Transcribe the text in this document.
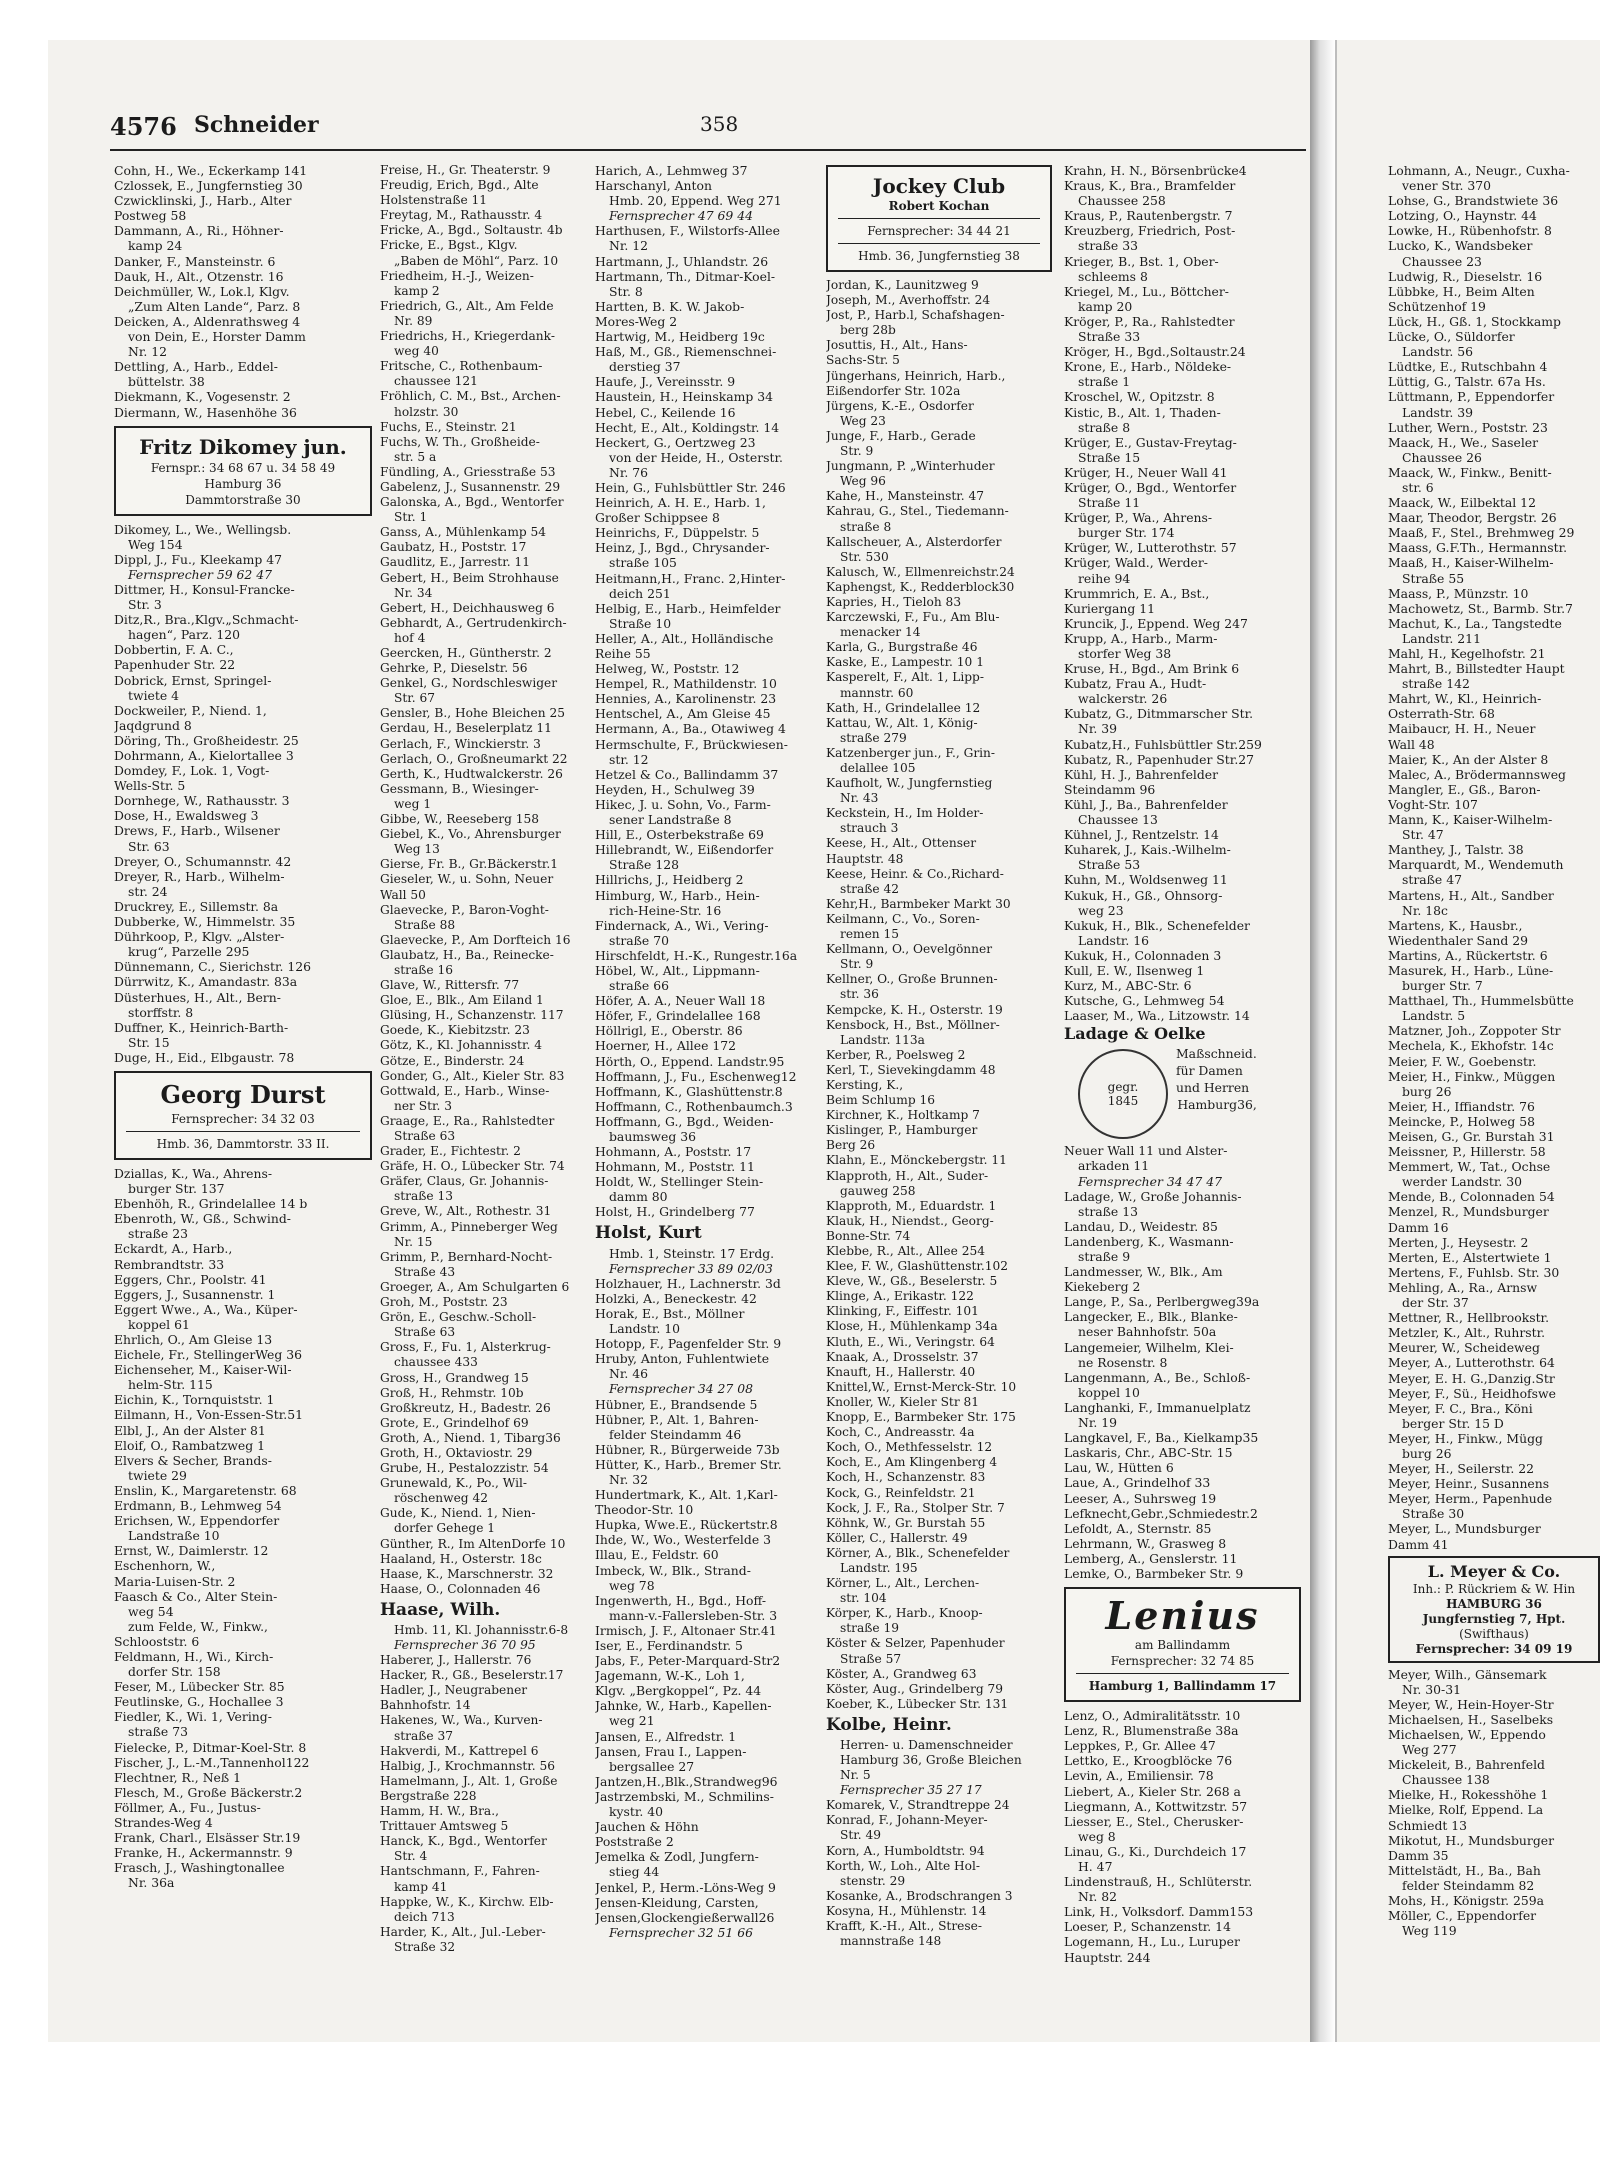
4576 Schneider	358
Cohn, H., We., Eckerkamp 141
Czlossek, E., Jungfernstieg 30
Czwicklinski, J., Harb., Alter
Postweg 58
Dammann, A., Ri., Höhner-
kamp 24
Danker, F., Mansteinstr. 6
Dauk, H., Alt., Otzenstr. 16
Deichmüller, W., Lok.l, Klgv.
„Zum Alten Lande“, Parz. 8
Deicken, A., Aldenrathsweg 4
von Dein, E., Horster Damm
Nr. 12
Dettling, A., Harb., Eddel-
büttelstr. 38
Diekmann, K., Vogesenstr. 2
Diermann, W., Hasenhöhe 36
Fritz Dikomey jun.
Fernspr.: 34 68 67 u. 34 58 49
Hamburg 36
Dammtorstraße 30
Dikomey, L., We., Wellingsb.
Weg 154
Dippl, J., Fu., Kleekamp 47
Fernsprecher 59 62 47
Dittmer, H., Konsul-Francke-
Str. 3
Ditz,R., Bra.,Klgv.„Schmacht-
hagen“, Parz. 120
Dobbertin, F. A. C.,
Papenhuder Str. 22
Dobrick, Ernst, Springel-
twiete 4
Dockweiler, P., Niend. 1,
Jaqdgrund 8
Döring, Th., Großheidestr. 25
Dohrmann, A., Kielortallee 3
Domdey, F., Lok. 1, Vogt-
Wells-Str. 5
Dornhege, W., Rathausstr. 3
Dose, H., Ewaldsweg 3
Drews, F., Harb., Wilsener
Str. 63
Dreyer, O., Schumannstr. 42
Dreyer, R., Harb., Wilhelm-
str. 24
Druckrey, E., Sillemstr. 8a
Dubberke, W., Himmelstr. 35
Dührkoop, P., Klgv. „Alster-
krug“, Parzelle 295
Dünnemann, C., Sierichstr. 126
Dürrwitz, K., Amandastr. 83a
Düsterhues, H., Alt., Bern-
storffstr. 8
Duffner, K., Heinrich-Barth-
Str. 15
Duge, H., Eid., Elbgaustr. 78
Georg Durst
Fernsprecher: 34 32 03
Hmb. 36, Dammtorstr. 33 II.
Dziallas, K., Wa., Ahrens-
burger Str. 137
Ebenhöh, R., Grindelallee 14 b
Ebenroth, W., Gß., Schwind-
straße 23
Eckardt, A., Harb.,
Rembrandtstr. 33
Eggers, Chr., Poolstr. 41
Eggers, J., Susannenstr. 1
Eggert Wwe., A., Wa., Küper-
koppel 61
Ehrlich, O., Am Gleise 13
Eichele, Fr., StellingerWeg 36
Eichenseher, M., Kaiser-Wil-
helm-Str. 115
Eichin, K., Tornquiststr. 1
Eilmann, H., Von-Essen-Str.51
Elbl, J., An der Alster 81
Eloif, O., Rambatzweg 1
Elvers & Secher, Brands-
twiete 29
Enslin, K., Margaretenstr. 68
Erdmann, B., Lehmweg 54
Erichsen, W., Eppendorfer
Landstraße 10
Ernst, W., Daimlerstr. 12
Eschenhorn, W.,
Maria-Luisen-Str. 2
Faasch & Co., Alter Stein-
weg 54
zum Felde, W., Finkw.,
Schlooststr. 6
Feldmann, H., Wi., Kirch-
dorfer Str. 158
Feser, M., Lübecker Str. 85
Feutlinske, G., Hochallee 3
Fiedler, K., Wi. 1, Vering-
straße 73
Fielecke, P., Ditmar-Koel-Str. 8
Fischer, J., L.-M.,Tannenhol122
Flechtner, R., Neß 1
Flesch, M., Große Bäckerstr.2
Föllmer, A., Fu., Justus-
Strandes-Weg 4
Frank, Charl., Elsässer Str.19
Franke, H., Ackermannstr. 9
Frasch, J., Washingtonallee
Nr. 36a
Freise, H., Gr. Theaterstr. 9
Freudig, Erich, Bgd., Alte
Holstenstraße 11
Freytag, M., Rathausstr. 4
Fricke, A., Bgd., Soltaustr. 4b
Fricke, E., Bgst., Klgv.
„Baben de Möhl“, Parz. 10
Friedheim, H.-J., Weizen-
kamp 2
Friedrich, G., Alt., Am Felde
Nr. 89
Friedrichs, H., Kriegerdank-
weg 40
Fritsche, C., Rothenbaum-
chaussee 121
Fröhlich, C. M., Bst., Archen-
holzstr. 30
Fuchs, E., Steinstr. 21
Fuchs, W. Th., Großheide-
str. 5 a
Fündling, A., Griesstraße 53
Gabelenz, J., Susannenstr. 29
Galonska, A., Bgd., Wentorfer
Str. 1
Ganss, A., Mühlenkamp 54
Gaubatz, H., Poststr. 17
Gaudlitz, E., Jarrestr. 11
Gebert, H., Beim Strohhause
Nr. 34
Gebert, H., Deichhausweg 6
Gebhardt, A., Gertrudenkirch-
hof 4
Geercken, H., Güntherstr. 2
Gehrke, P., Dieselstr. 56
Genkel, G., Nordschleswiger
Str. 67
Gensler, B., Hohe Bleichen 25
Gerdau, H., Beselerplatz 11
Gerlach, F., Winckierstr. 3
Gerlach, O., Großneumarkt 22
Gerth, K., Hudtwalckerstr. 26
Gessmann, B., Wiesinger-
weg 1
Gibbe, W., Reeseberg 158
Giebel, K., Vo., Ahrensburger
Weg 13
Gierse, Fr. B., Gr.Bäckerstr.1
Gieseler, W., u. Sohn, Neuer
Wall 50
Glaevecke, P., Baron-Voght-
Straße 88
Glaevecke, P., Am Dorfteich 16
Glaubatz, H., Ba., Reinecke-
straße 16
Glave, W., Rittersfr. 77
Gloe, E., Blk., Am Eiland 1
Glüsing, H., Schanzenstr. 117
Goede, K., Kiebitzstr. 23
Götz, K., Kl. Johannisstr. 4
Götze, E., Binderstr. 24
Gonder, G., Alt., Kieler Str. 83
Gottwald, E., Harb., Winse-
ner Str. 3
Graage, E., Ra., Rahlstedter
Straße 63
Grader, E., Fichtestr. 2
Gräfe, H. O., Lübecker Str. 74
Gräfer, Claus, Gr. Johannis-
straße 13
Greve, W., Alt., Rothestr. 31
Grimm, A., Pinneberger Weg
Nr. 15
Grimm, P., Bernhard-Nocht-
Straße 43
Groeger, A., Am Schulgarten 6
Groh, M., Poststr. 23
Grön, E., Geschw.-Scholl-
Straße 63
Gross, F., Fu. 1, Alsterkrug-
chaussee 433
Gross, H., Grandweg 15
Groß, H., Rehmstr. 10b
Großkreutz, H., Badestr. 26
Grote, E., Grindelhof 69
Groth, A., Niend. 1, Tibarg36
Groth, H., Oktaviostr. 29
Grube, H., Pestalozzistr. 54
Grunewald, K., Po., Wil-
röschenweg 42
Gude, K., Niend. 1, Nien-
dorfer Gehege 1
Günther, R., Im AltenDorfe 10
Haaland, H., Osterstr. 18c
Haase, K., Marschnerstr. 32
Haase, O., Colonnaden 46
Haase, Wilh.
Hmb. 11, Kl. Johannisstr.6-8
Fernsprecher 36 70 95
Haberer, J., Hallerstr. 76
Hacker, R., Gß., Beselerstr.17
Hadler, J., Neugrabener
Bahnhofstr. 14
Hakenes, W., Wa., Kurven-
straße 37
Hakverdi, M., Kattrepel 6
Halbig, J., Krochmannstr. 56
Hamelmann, J., Alt. 1, Große
Bergstraße 228
Hamm, H. W., Bra.,
Trittauer Amtsweg 5
Hanck, K., Bgd., Wentorfer
Str. 4
Hantschmann, F., Fahren-
kamp 41
Happke, W., K., Kirchw. Elb-
deich 713
Harder, K., Alt., Jul.-Leber-
Straße 32
Harich, A., Lehmweg 37
Harschanyl, Anton
Hmb. 20, Eppend. Weg 271
Fernsprecher 47 69 44
Harthusen, F., Wilstorfs-Allee
Nr. 12
Hartmann, J., Uhlandstr. 26
Hartmann, Th., Ditmar-Koel-
Str. 8
Hartten, B. K. W. Jakob-
Mores-Weg 2
Hartwig, M., Heidberg 19c
Haß, M., Gß., Riemenschnei-
derstieg 37
Haufe, J., Vereinsstr. 9
Haustein, H., Heinskamp 34
Hebel, C., Keilende 16
Hecht, E., Alt., Koldingstr. 14
Heckert, G., Oertzweg 23
von der Heide, H., Osterstr.
Nr. 76
Hein, G., Fuhlsbüttler Str. 246
Heinrich, A. H. E., Harb. 1,
Großer Schippsee 8
Heinrichs, F., Düppelstr. 5
Heinz, J., Bgd., Chrysander-
straße 105
Heitmann,H., Franc. 2,Hinter-
deich 251
Helbig, E., Harb., Heimfelder
Straße 10
Heller, A., Alt., Holländische
Reihe 55
Helweg, W., Poststr. 12
Hempel, R., Mathildenstr. 10
Hennies, A., Karolinenstr. 23
Hentschel, A., Am Gleise 45
Hermann, A., Ba., Otawiweg 4
Hermschulte, F., Brückwiesen-
str. 12
Hetzel & Co., Ballindamm 37
Heyden, H., Schulweg 39
Hikec, J. u. Sohn, Vo., Farm-
sener Landstraße 8
Hill, E., Osterbekstraße 69
Hillebrandt, W., Eißendorfer
Straße 128
Hillrichs, J., Heidberg 2
Himburg, W., Harb., Hein-
rich-Heine-Str. 16
Findernack, A., Wi., Vering-
straße 70
Hirschfeldt, H.-K., Rungestr.16a
Höbel, W., Alt., Lippmann-
straße 66
Höfer, A. A., Neuer Wall 18
Höfer, F., Grindelallee 168
Höllrigl, E., Oberstr. 86
Hoerner, H., Allee 172
Hörth, O., Eppend. Landstr.95
Hoffmann, J., Fu., Eschenweg12
Hoffmann, K., Glashüttenstr.8
Hoffmann, C., Rothenbaumch.3
Hoffmann, G., Bgd., Weiden-
baumsweg 36
Hohmann, A., Poststr. 17
Hohmann, M., Poststr. 11
Holdt, W., Stellinger Stein-
damm 80
Holst, H., Grindelberg 77
Holst, Kurt
Hmb. 1, Steinstr. 17 Erdg.
Fernsprecher 33 89 02/03
Holzhauer, H., Lachnerstr. 3d
Holzki, A., Beneckestr. 42
Horak, E., Bst., Möllner
Landstr. 10
Hotopp, F., Pagenfelder Str. 9
Hruby, Anton, Fuhlentwiete
Nr. 46
Fernsprecher 34 27 08
Hübner, E., Brandsende 5
Hübner, P., Alt. 1, Bahren-
felder Steindamm 46
Hübner, R., Bürgerweide 73b
Hütter, K., Harb., Bremer Str.
Nr. 32
Hundertmark, K., Alt. 1,Karl-
Theodor-Str. 10
Hupka, Wwe.E., Rückertstr.8
Ihde, W., Wo., Westerfelde 3
Illau, E., Feldstr. 60
Imbeck, W., Blk., Strand-
weg 78
Ingenwerth, H., Bgd., Hoff-
mann-v.-Fallersleben-Str. 3
Irmisch, J. F., Altonaer Str.41
Iser, E., Ferdinandstr. 5
Jabs, F., Peter-Marquard-Str2
Jagemann, W.-K., Loh 1,
Klgv. „Bergkoppel“, Pz. 44
Jahnke, W., Harb., Kapellen-
weg 21
Jansen, E., Alfredstr. 1
Jansen, Frau I., Lappen-
bergsallee 27
Jantzen,H.,Blk.,Strandweg96
Jastrzembski, M., Schmilins-
kystr. 40
Jauchen & Höhn
Poststraße 2
Jemelka & Zodl, Jungfern-
stieg 44
Jenkel, P., Herm.-Löns-Weg 9
Jensen-Kleidung, Carsten,
Jensen,Glockengießerwall26
Fernsprecher 32 51 66
Jockey Club
Robert Kochan
Fernsprecher: 34 44 21
Hmb. 36, Jungfernstieg 38
Jordan, K., Launitzweg 9
Joseph, M., Averhoffstr. 24
Jost, P., Harb.l, Schafshagen-
berg 28b
Josuttis, H., Alt., Hans-
Sachs-Str. 5
Jüngerhans, Heinrich, Harb.,
Eißendorfer Str. 102a
Jürgens, K.-E., Osdorfer
Weg 23
Junge, F., Harb., Gerade
Str. 9
Jungmann, P. „Winterhuder
Weg 96
Kahe, H., Mansteinstr. 47
Kahrau, G., Stel., Tiedemann-
straße 8
Kallscheuer, A., Alsterdorfer
Str. 530
Kalusch, W., Ellmenreichstr.24
Kaphengst, K., Redderblock30
Kapries, H., Tieloh 83
Karczewski, F., Fu., Am Blu-
menacker 14
Karla, G., Burgstraße 46
Kaske, E., Lampestr. 10 1
Kasperelt, F., Alt. 1, Lipp-
mannstr. 60
Kath, H., Grindelallee 12
Kattau, W., Alt. 1, König-
straße 279
Katzenberger jun., F., Grin-
delallee 105
Kaufholt, W., Jungfernstieg
Nr. 43
Keckstein, H., Im Holder-
strauch 3
Keese, H., Alt., Ottenser
Hauptstr. 48
Keese, Heinr. & Co.,Richard-
straße 42
Kehr,H., Barmbeker Markt 30
Keilmann, C., Vo., Soren-
remen 15
Kellmann, O., Oevelgönner
Str. 9
Kellner, O., Große Brunnen-
str. 36
Kempcke, K. H., Osterstr. 19
Kensbock, H., Bst., Möllner-
Landstr. 113a
Kerber, R., Poelsweg 2
Kerl, T., Sievekingdamm 48
Kersting, K.,
Beim Schlump 16
Kirchner, K., Holtkamp 7
Kislinger, P., Hamburger
Berg 26
Klahn, E., Mönckebergstr. 11
Klapproth, H., Alt., Suder-
gauweg 258
Klapproth, M., Eduardstr. 1
Klauk, H., Niendst., Georg-
Bonne-Str. 74
Klebbe, R., Alt., Allee 254
Klee, F. W., Glashüttenstr.102
Kleve, W., Gß., Beselerstr. 5
Klinge, A., Erikastr. 122
Klinking, F., Eiffestr. 101
Klose, H., Mühlenkamp 34a
Kluth, E., Wi., Veringstr. 64
Knaak, A., Drosselstr. 37
Knauft, H., Hallerstr. 40
Knittel,W., Ernst-Merck-Str. 10
Knoller, W., Kieler Str 81
Knopp, E., Barmbeker Str. 175
Koch, C., Andreasstr. 4a
Koch, O., Methfesselstr. 12
Koch, E., Am Klingenberg 4
Koch, H., Schanzenstr. 83
Kock, G., Reinfeldstr. 21
Kock, J. F., Ra., Stolper Str. 7
Köhnk, W., Gr. Burstah 55
Köller, C., Hallerstr. 49
Körner, A., Blk., Schenefelder
Landstr. 195
Körner, L., Alt., Lerchen-
str. 104
Körper, K., Harb., Knoop-
straße 19
Köster & Selzer, Papenhuder
Straße 57
Köster, A., Grandweg 63
Köster, Aug., Grindelberg 79
Koeber, K., Lübecker Str. 131
Kolbe, Heinr.
Herren- u. Damenschneider
Hamburg 36, Große Bleichen
Nr. 5
Fernsprecher 35 27 17
Komarek, V., Strandtreppe 24
Konrad, F., Johann-Meyer-
Str. 49
Korn, A., Humboldtstr. 94
Korth, W., Loh., Alte Hol-
stenstr. 29
Kosanke, A., Brodschrangen 3
Kosyna, H., Mühlenstr. 14
Krafft, K.-H., Alt., Strese-
mannstraße 148
Krahn, H. N., Börsenbrücke4
Kraus, K., Bra., Bramfelder
Chaussee 258
Kraus, P., Rautenbergstr. 7
Kreuzberg, Friedrich, Post-
straße 33
Krieger, B., Bst. 1, Ober-
schleems 8
Kriegel, M., Lu., Böttcher-
kamp 20
Kröger, P., Ra., Rahlstedter
Straße 33
Kröger, H., Bgd.,Soltaustr.24
Krone, E., Harb., Nöldeke-
straße 1
Kroschel, W., Opitzstr. 8
Kistic, B., Alt. 1, Thaden-
straße 8
Krüger, E., Gustav-Freytag-
Straße 15
Krüger, H., Neuer Wall 41
Krüger, O., Bgd., Wentorfer
Straße 11
Krüger, P., Wa., Ahrens-
burger Str. 174
Krüger, W., Lutterothstr. 57
Krüger, Wald., Werder-
reihe 94
Krummrich, E. A., Bst.,
Kuriergang 11
Kruncik, J., Eppend. Weg 247
Krupp, A., Harb., Marm-
storfer Weg 38
Kruse, H., Bgd., Am Brink 6
Kubatz, Frau A., Hudt-
walckerstr. 26
Kubatz, G., Ditmmarscher Str.
Nr. 39
Kubatz,H., Fuhlsbüttler Str.259
Kubatz, R., Papenhuder Str.27
Kühl, H. J., Bahrenfelder
Steindamm 96
Kühl, J., Ba., Bahrenfelder
Chaussee 13
Kühnel, J., Rentzelstr. 14
Kuharek, J., Kais.-Wilhelm-
Straße 53
Kuhn, M., Woldsenweg 11
Kukuk, H., Gß., Ohnsorg-
weg 23
Kukuk, H., Blk., Schenefelder
Landstr. 16
Kukuk, H., Colonnaden 3
Kull, E. W., Ilsenweg 1
Kurz, M., ABC-Str. 6
Kutsche, G., Lehmweg 54
Laaser, M., Wa., Litzowstr. 14
Ladage & Oelke
gegr.
1845
Maßschneid.
für Damen
und Herren
Hamburg36,
Neuer Wall 11 und Alster-
arkaden 11
Fernsprecher 34 47 47
Ladage, W., Große Johannis-
straße 13
Landau, D., Weidestr. 85
Landenberg, K., Wasmann-
straße 9
Landmesser, W., Blk., Am
Kiekeberg 2
Lange, P., Sa., Perlbergweg39a
Langecker, E., Blk., Blanke-
neser Bahnhofstr. 50a
Langemeier, Wilhelm, Klei-
ne Rosenstr. 8
Langenmann, A., Be., Schloß-
koppel 10
Langhanki, F., Immanuelplatz
Nr. 19
Langkavel, F., Ba., Kielkamp35
Laskaris, Chr., ABC-Str. 15
Lau, W., Hütten 6
Laue, A., Grindelhof 33
Leeser, A., Suhrsweg 19
Lefknecht,Gebr.,Schmiedestr.2
Lefoldt, A., Sternstr. 85
Lehrmann, W., Grasweg 8
Lemberg, A., Genslerstr. 11
Lemke, O., Barmbeker Str. 9
Lenius
am Ballindamm
Fernsprecher: 32 74 85
Hamburg 1, Ballindamm 17
Lenz, O., Admiralitätsstr. 10
Lenz, R., Blumenstraße 38a
Leppkes, P., Gr. Allee 47
Lettko, E., Kroogblöcke 76
Levin, A., Emiliensir. 78
Liebert, A., Kieler Str. 268 a
Liegmann, A., Kottwitzstr. 57
Liesser, E., Stel., Cherusker-
weg 8
Linau, G., Ki., Durchdeich 17
H. 47
Lindenstrauß, H., Schlüterstr.
Nr. 82
Link, H., Volksdorf. Damm153
Loeser, P., Schanzenstr. 14
Logemann, H., Lu., Luruper
Hauptstr. 244
Lohmann, A., Neugr., Cuxha-
vener Str. 370
Lohse, G., Brandstwiete 36
Lotzing, O., Haynstr. 44
Lowke, H., Rübenhofstr. 8
Lucko, K., Wandsbeker
Chaussee 23
Ludwig, R., Dieselstr. 16
Lübbke, H., Beim Alten
Schützenhof 19
Lück, H., Gß. 1, Stockkamp
Lücke, O., Süldorfer
Landstr. 56
Lüdtke, E., Rutschbahn 4
Lüttig, G., Talstr. 67a Hs.
Lüttmann, P., Eppendorfer
Landstr. 39
Luther, Wern., Poststr. 23
Maack, H., We., Saseler
Chaussee 26
Maack, W., Finkw., Benitt-
str. 6
Maack, W., Eilbektal 12
Maar, Theodor, Bergstr. 26
Maaß, F., Stel., Brehmweg 29
Maass, G.F.Th., Hermannstr.
Maaß, H., Kaiser-Wilhelm-
Straße 55
Maass, P., Münzstr. 10
Machowetz, St., Barmb. Str.7
Machut, K., La., Tangstedte
Landstr. 211
Mahl, H., Kegelhofstr. 21
Mahrt, B., Billstedter Haupt
straße 142
Mahrt, W., Kl., Heinrich-
Osterrath-Str. 68
Maibaucr, H. H., Neuer
Wall 48
Maier, K., An der Alster 8
Malec, A., Brödermannsweg
Mangler, E., Gß., Baron-
Voght-Str. 107
Mann, K., Kaiser-Wilhelm-
Str. 47
Manthey, J., Talstr. 38
Marquardt, M., Wendemuth
straße 47
Martens, H., Alt., Sandber
Nr. 18c
Martens, K., Hausbr.,
Wiedenthaler Sand 29
Martins, A., Rückertstr. 6
Masurek, H., Harb., Lüne-
burger Str. 7
Matthael, Th., Hummelsbütte
Landstr. 5
Matzner, Joh., Zoppoter Str
Mechela, K., Ekhofstr. 14c
Meier, F. W., Goebenstr.
Meier, H., Finkw., Müggen
burg 26
Meier, H., Iffiandstr. 76
Meincke, P., Holweg 58
Meisen, G., Gr. Burstah 31
Meissner, P., Hillerstr. 58
Memmert, W., Tat., Ochse
werder Landstr. 30
Mende, B., Colonnaden 54
Menzel, R., Mundsburger
Damm 16
Merten, J., Heysestr. 2
Merten, E., Alstertwiete 1
Mertens, F., Fuhlsb. Str. 30
Mehling, A., Ra., Arnsw
der Str. 37
Mettner, R., Hellbrookstr.
Metzler, K., Alt., Ruhrstr.
Meurer, W., Scheideweg
Meyer, A., Lutterothstr. 64
Meyer, E. H. G.,Danzig.Str
Meyer, F., Sü., Heidhofswe
Meyer, F. C., Bra., Köni
berger Str. 15 D
Meyer, H., Finkw., Mügg
burg 26
Meyer, H., Seilerstr. 22
Meyer, Heinr., Susannens
Meyer, Herm., Papenhude
Straße 30
Meyer, L., Mundsburger
Damm 41
L. Meyer & Co.
Inh.: P. Rückriem & W. Hin
HAMBURG 36
Jungfernstieg 7, Hpt.
(Swifthaus)
Fernsprecher: 34 09 19
Meyer, Wilh., Gänsemark
Nr. 30-31
Meyer, W., Hein-Hoyer-Str
Michaelsen, H., Saselbeks
Michaelsen, W., Eppendo
Weg 277
Mickeleit, B., Bahrenfeld
Chaussee 138
Mielke, H., Rokesshöhe 1
Mielke, Rolf, Eppend. La
Schmiedt 13
Mikotut, H., Mundsburger
Damm 35
Mittelstädt, H., Ba., Bah
felder Steindamm 82
Mohs, H., Königstr. 259a
Möller, C., Eppendorfer
Weg 119
